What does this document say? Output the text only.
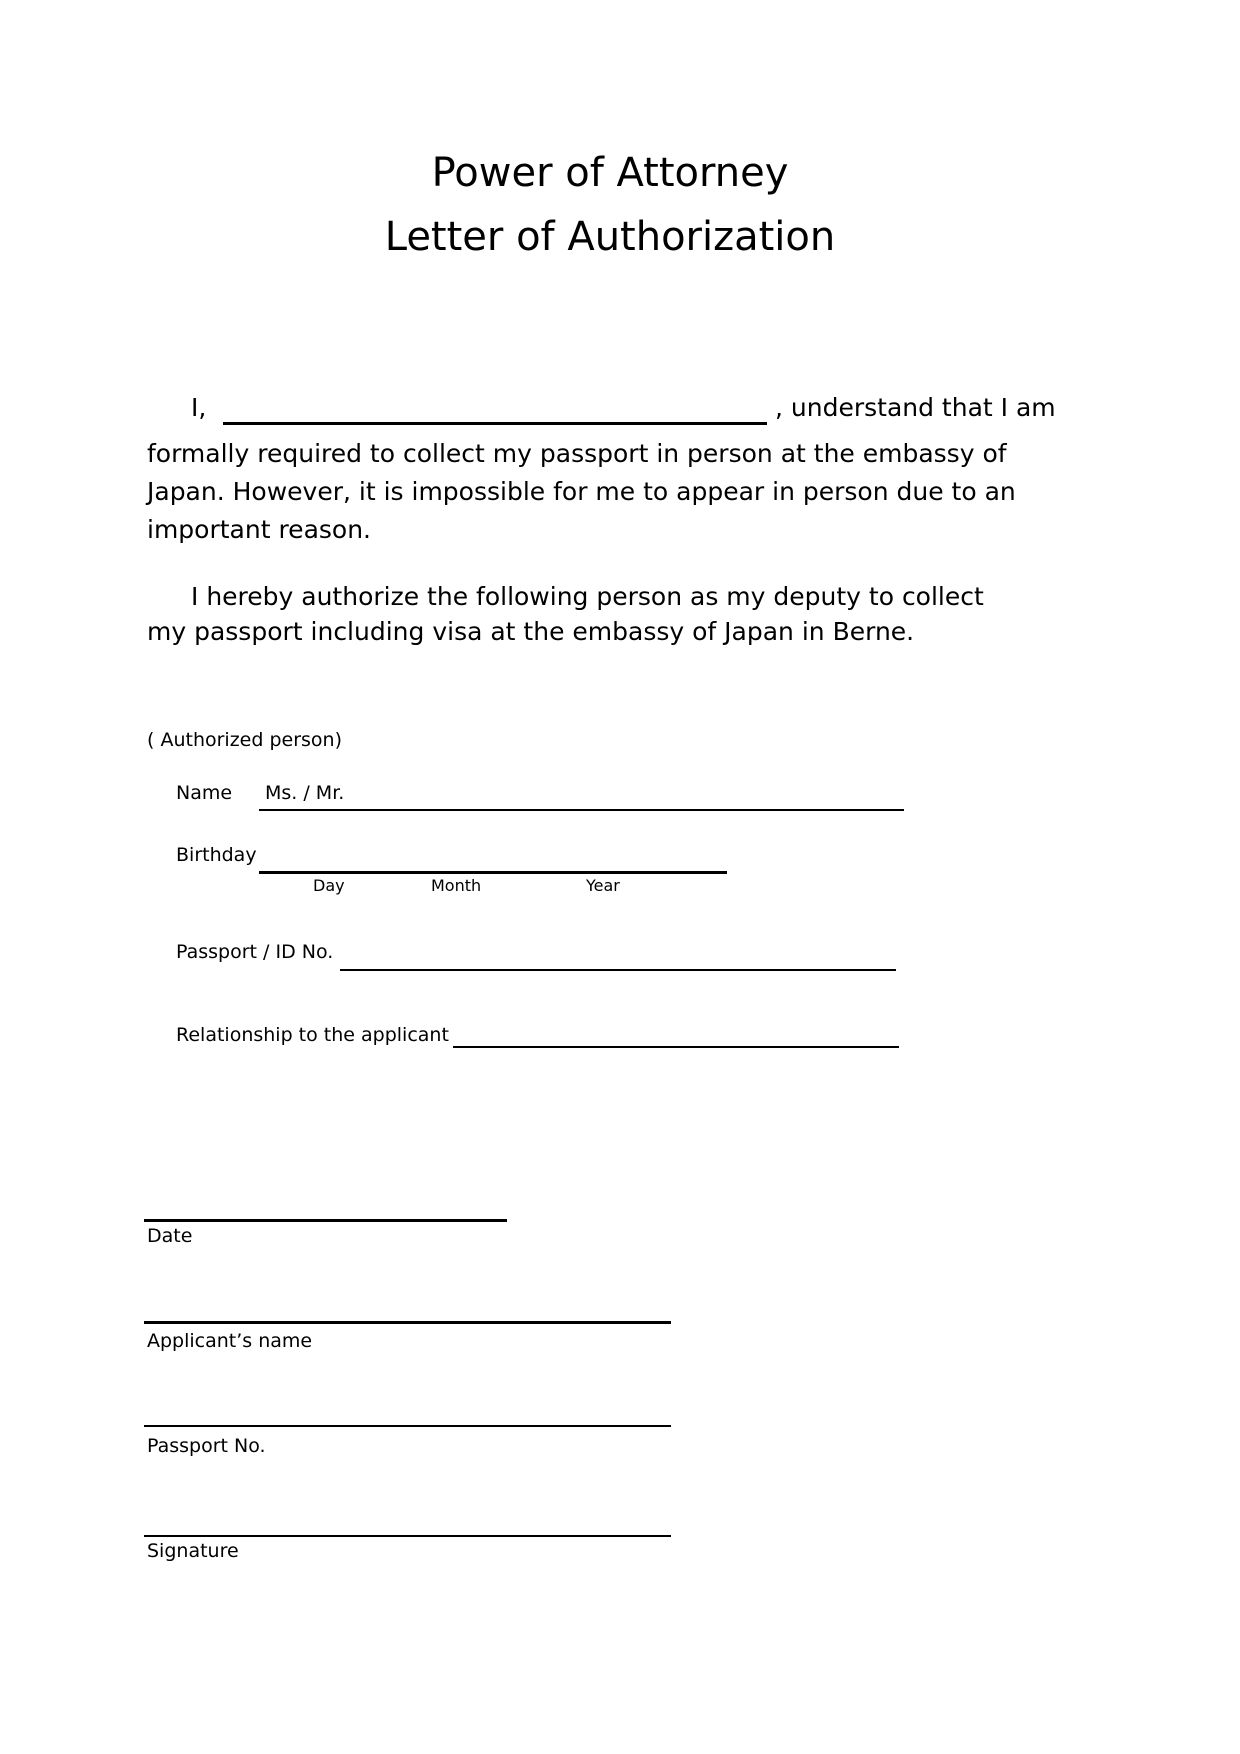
Power of Attorney
Letter of Authorization
I,	, understand that I am
formally required to collect my passport in person at the embassy of
Japan. However, it is impossible for me to appear in person due to an
important reason.
I hereby authorize the following person as my deputy to collect
my passport including visa at the embassy of Japan in Berne.
( Authorized person)
Name Ms. / Mr.
Birthday
Day	Month	Year
Passport / ID No.
Relationship to the applicant
Date
Applicant’s name
Passport No.
Signature
